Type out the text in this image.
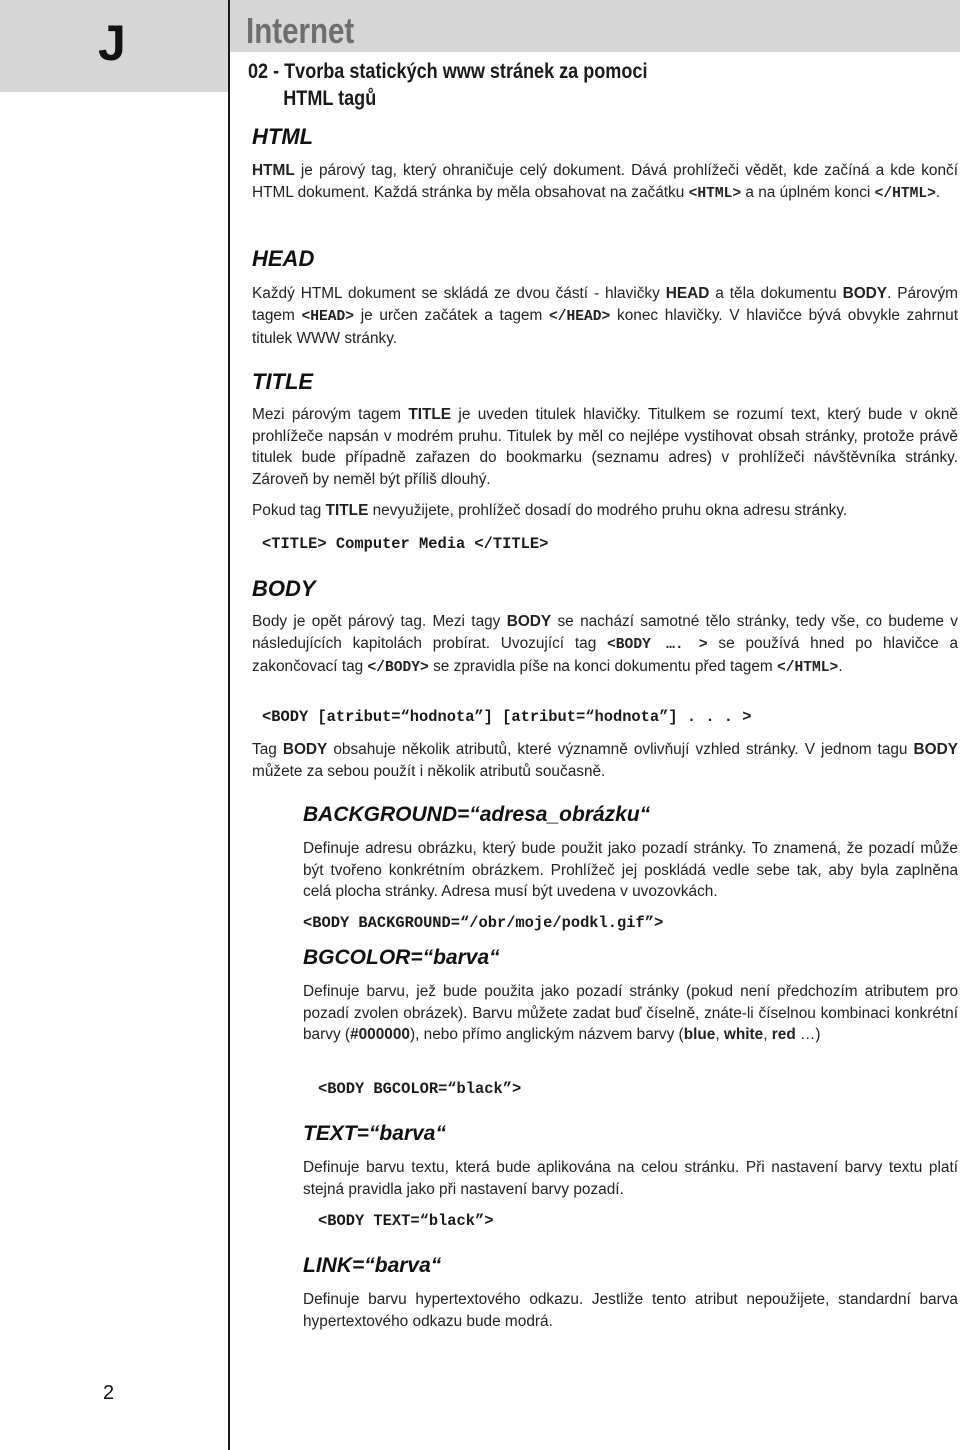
J
2
Internet
02 - Tvorba statických www stránek za pomoci
HTML tagů
HTML
HTML je párový tag, který ohraničuje celý dokument. Dává prohlížeči vědět, kde začíná a kde končí HTML dokument. Každá stránka by měla obsahovat na začátku <HTML> a na úplném konci </HTML>.
HEAD
Každý HTML dokument se skládá ze dvou částí - hlavičky HEAD a těla dokumentu BODY. Párovým tagem <HEAD> je určen začátek a tagem </HEAD> konec hlavičky. V hlavičce bývá obvykle zahrnut titulek WWW stránky.
TITLE
Mezi párovým tagem TITLE je uveden titulek hlavičky. Titulkem se rozumí text, který bude v okně prohlížeče napsán v modrém pruhu. Titulek by měl co nejlépe vystihovat obsah stránky, protože právě titulek bude případně zařazen do bookmarku (seznamu adres) v prohlížeči návštěvníka stránky. Zároveň by neměl být příliš dlouhý.
Pokud tag TITLE nevyužijete, prohlížeč dosadí do modrého pruhu okna adresu stránky.
<TITLE> Computer Media </TITLE>
BODY
Body je opět párový tag. Mezi tagy BODY se nachází samotné tělo stránky, tedy vše, co budeme v následujících kapitolách probírat. Uvozující tag <BODY …. > se používá hned po hlavičce a zakončovací tag </BODY> se zpravidla píše na konci dokumentu před tagem </HTML>.
<BODY [atribut=“hodnota”] [atribut=“hodnota”] . . . >
Tag BODY obsahuje několik atributů, které významně ovlivňují vzhled stránky. V jednom tagu BODY můžete za sebou použít i několik atributů současně.
BACKGROUND=“adresa_obrázku“
Definuje adresu obrázku, který bude použit jako pozadí stránky. To znamená, že pozadí může být tvořeno konkrétním obrázkem. Prohlížeč jej poskládá vedle sebe tak, aby byla zaplněna celá plocha stránky. Adresa musí být uvedena v uvozovkách.
<BODY BACKGROUND=“/obr/moje/podkl.gif”>
BGCOLOR=“barva“
Definuje barvu, jež bude použita jako pozadí stránky (pokud není předchozím atributem pro pozadí zvolen obrázek). Barvu můžete zadat buď číselně, znáte-li číselnou kombinaci konkrétní barvy (#000000), nebo přímo anglickým názvem barvy (blue, white, red …)
<BODY BGCOLOR=“black”>
TEXT=“barva“
Definuje barvu textu, která bude aplikována na celou stránku. Při nastavení barvy textu platí stejná pravidla jako při nastavení barvy pozadí.
<BODY TEXT=“black”>
LINK=“barva“
Definuje barvu hypertextového odkazu. Jestliže tento atribut nepoužijete, standardní barva hypertextového odkazu bude modrá.
